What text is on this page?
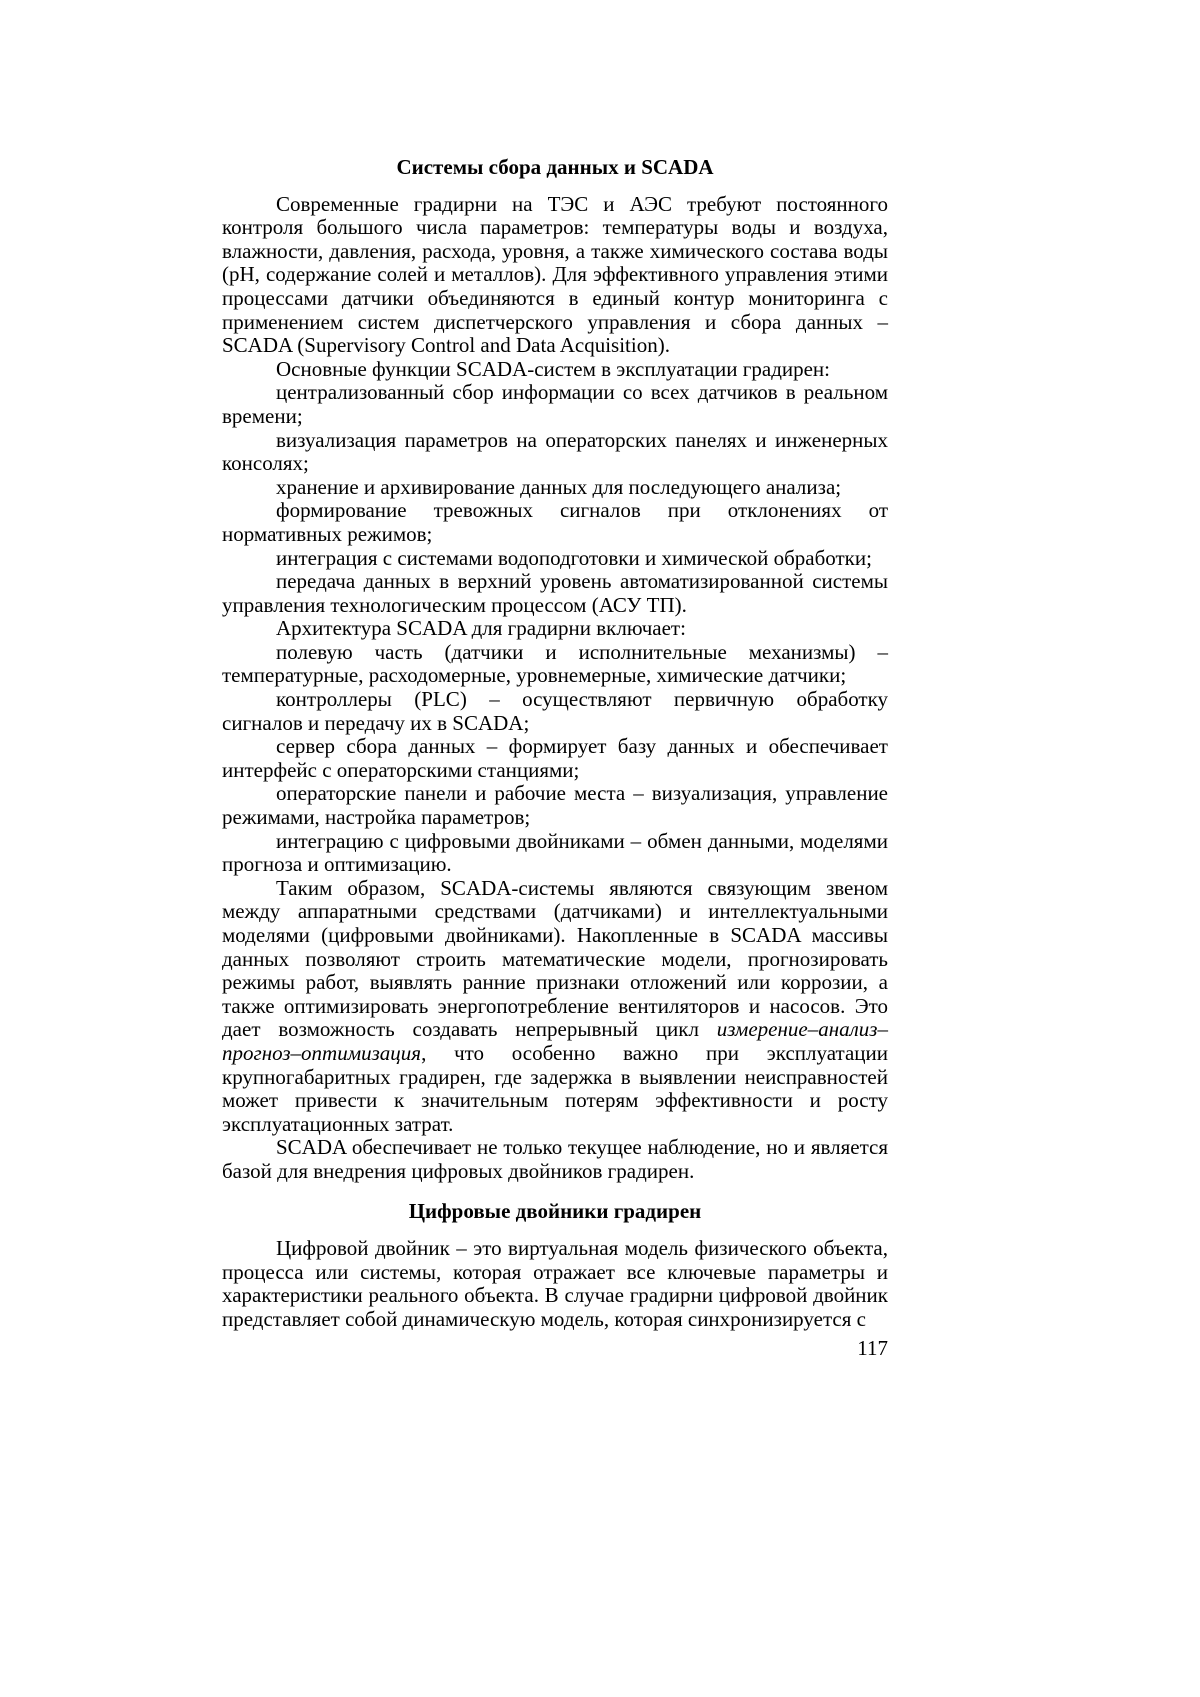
Системы сбора данных и SCADA

Современные градирни на ТЭС и АЭС требуют постоянного контроля большого числа параметров: температуры воды и воздуха, влажности, давления, расхода, уровня, а также химического состава воды (pH, содержание солей и металлов). Для эффективного управления этими процессами датчики объединяются в единый контур мониторинга с применением систем диспетчерского управления и сбора данных – SCADA (Supervisory Control and Data Acquisition).

Основные функции SCADA-систем в эксплуатации градирен:

централизованный сбор информации со всех датчиков в реальном времени;

визуализация параметров на операторских панелях и инженерных консолях;

хранение и архивирование данных для последующего анализа;

формирование тревожных сигналов при отклонениях от нормативных режимов;

интеграция с системами водоподготовки и химической обработки;

передача данных в верхний уровень автоматизированной системы управления технологическим процессом (АСУ ТП).

Архитектура SCADA для градирни включает:

полевую часть (датчики и исполнительные механизмы) – температурные, расходомерные, уровнемерные, химические датчики;

контроллеры (PLC) – осуществляют первичную обработку сигналов и передачу их в SCADA;

сервер сбора данных – формирует базу данных и обеспечивает интерфейс с операторскими станциями;

операторские панели и рабочие места – визуализация, управление режимами, настройка параметров;

интеграцию с цифровыми двойниками – обмен данными, моделями прогноза и оптимизацию.

Таким образом, SCADA-системы являются связующим звеном между аппаратными средствами (датчиками) и интеллектуальными моделями (цифровыми двойниками). Накопленные в SCADA массивы данных позволяют строить математические модели, прогнозировать режимы работ, выявлять ранние признаки отложений или коррозии, а также оптимизировать энергопотребление вентиляторов и насосов. Это дает возможность создавать непрерывный цикл измерение–анализ–прогноз–оптимизация, что особенно важно при эксплуатации крупногабаритных градирен, где задержка в выявлении неисправностей может привести к значительным потерям эффективности и росту эксплуатационных затрат.

SCADA обеспечивает не только текущее наблюдение, но и является базой для внедрения цифровых двойников градирен.

Цифровые двойники градирен

Цифровой двойник – это виртуальная модель физического объекта, процесса или системы, которая отражает все ключевые параметры и характеристики реального объекта. В случае градирни цифровой двойник представляет собой динамическую модель, которая синхронизируется с

117
